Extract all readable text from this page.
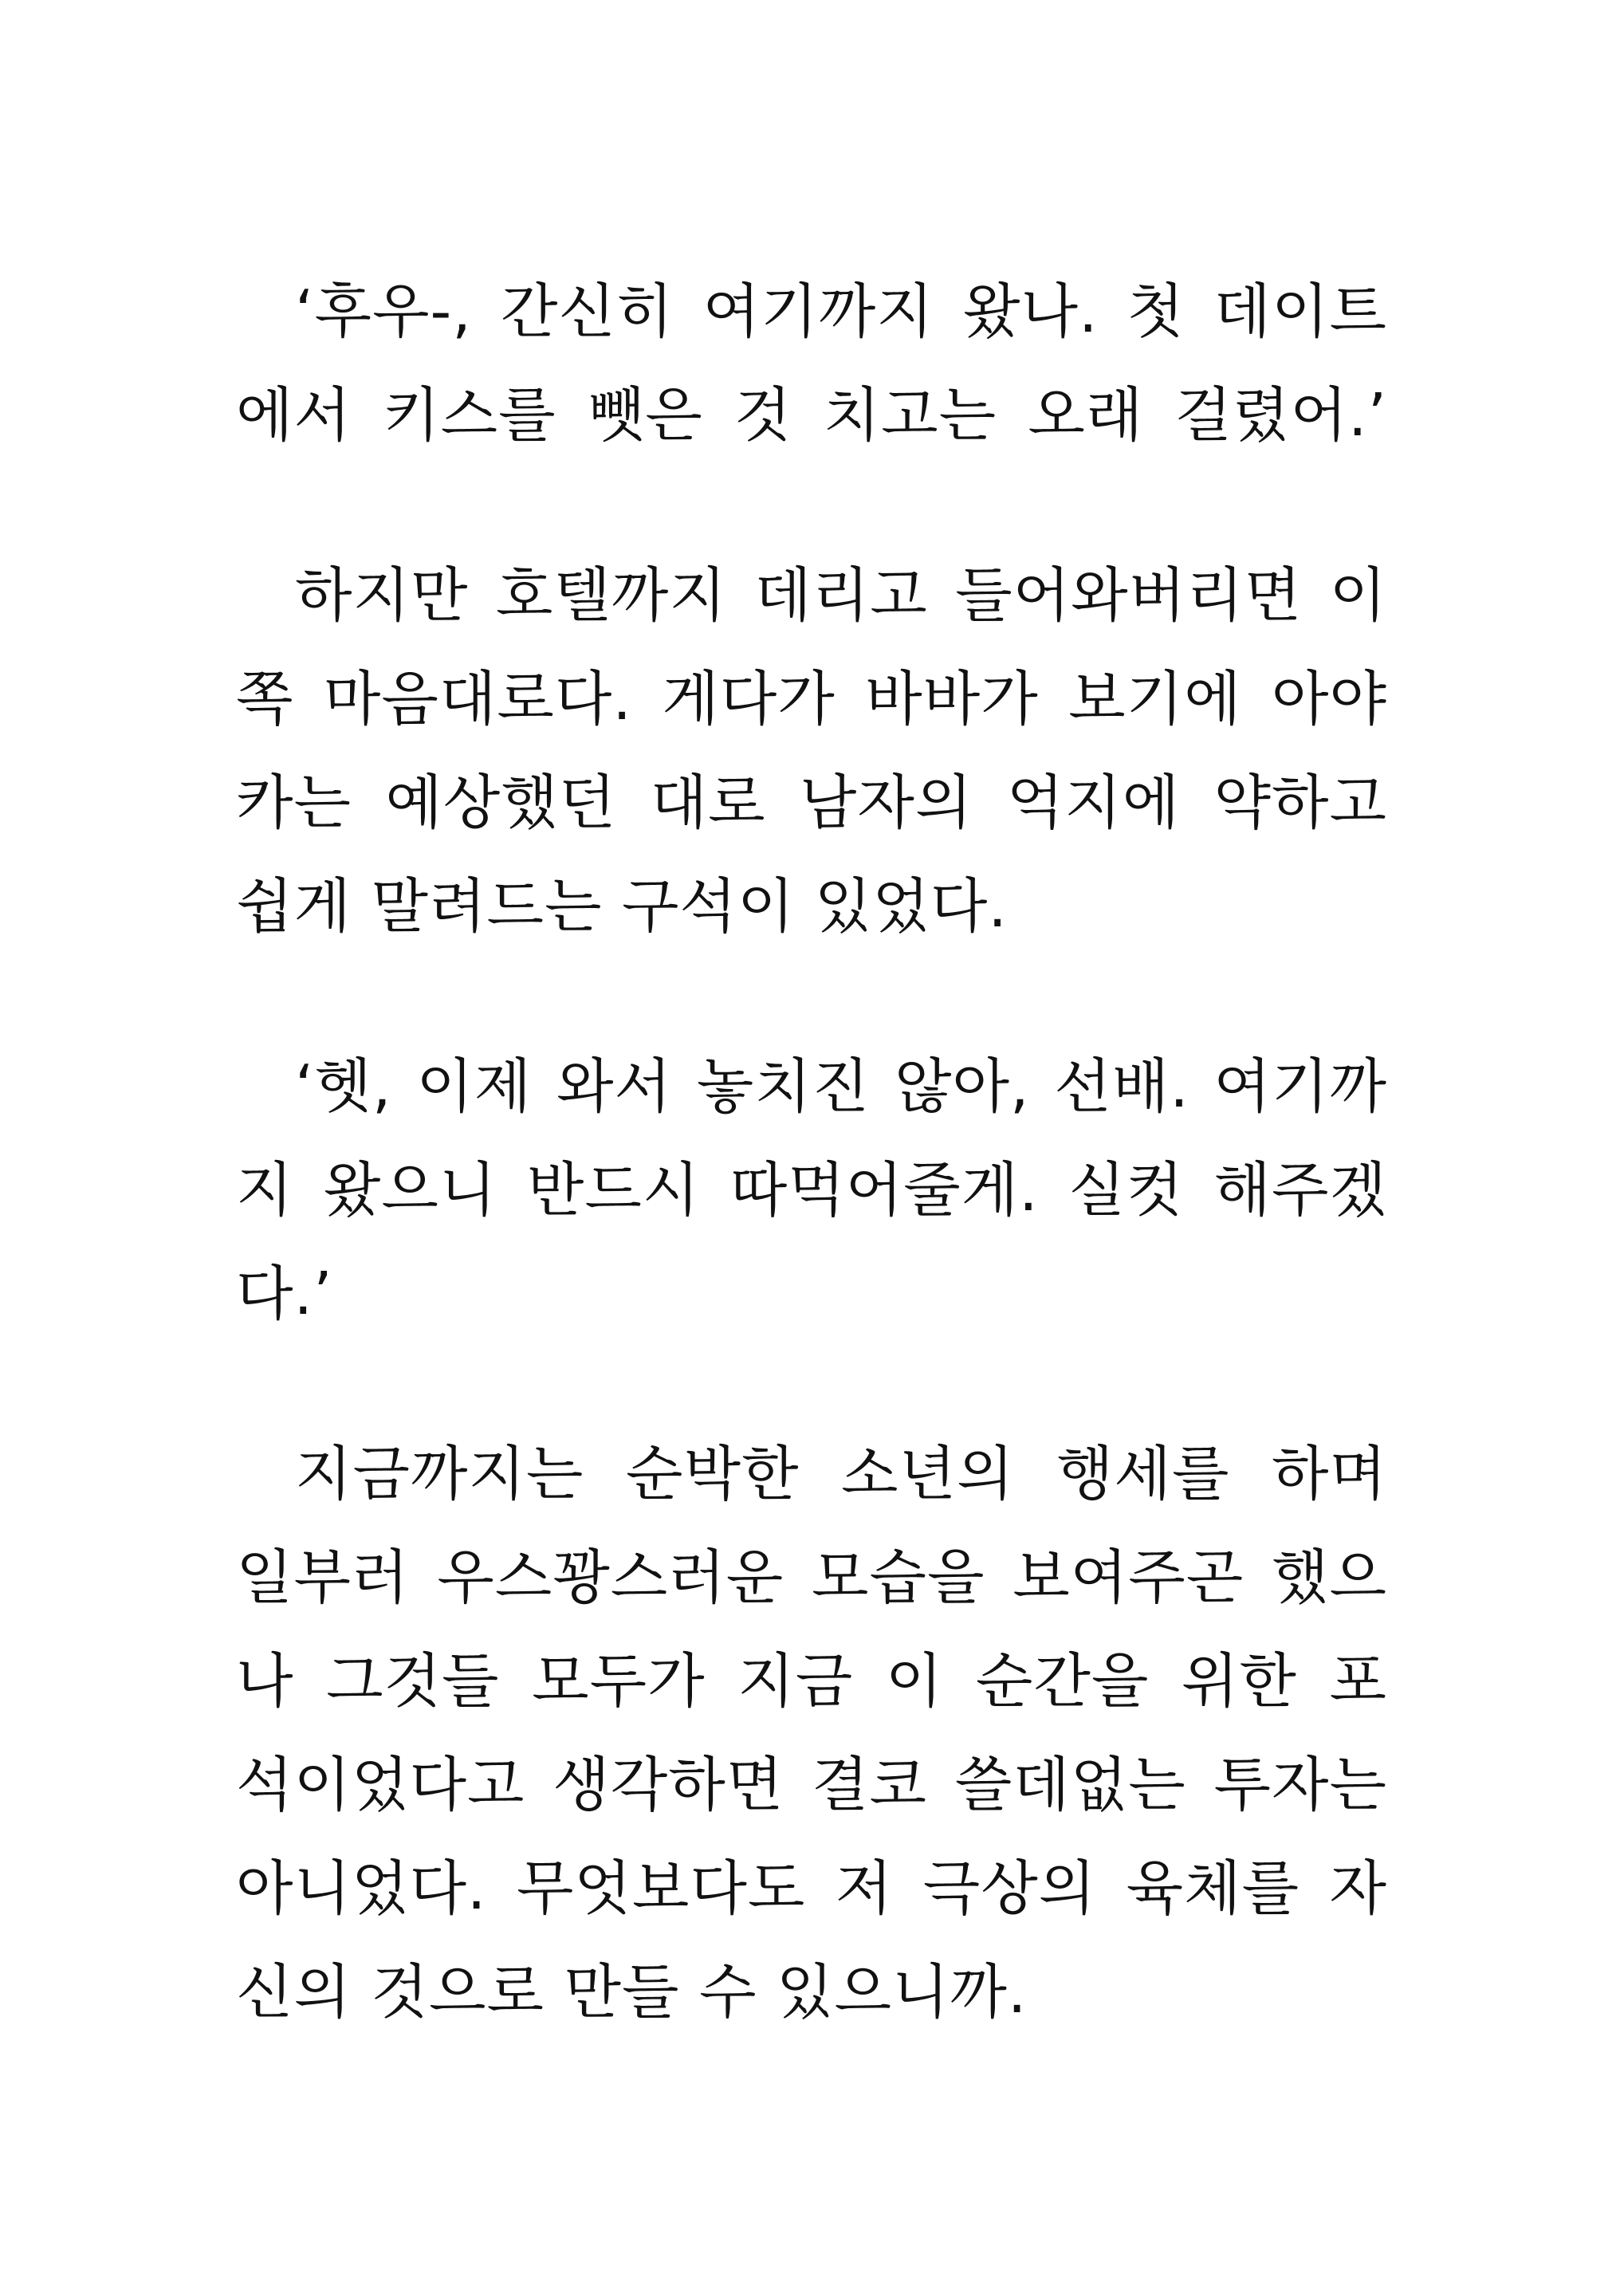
‘후우-, 간신히 여기까지 왔나. 첫 데이트
에서 키스를 뺏은 것 치고는 오래 걸렸어.’
하지만 호텔까지 데리고 들어와버리면 이
쪽 마음대로다. 게다가 바바가 보기에 아야
카는 예상했던 대로 남자의 억지에 약하고
쉽게 말려드는 구석이 있었다.
‘헷, 이제 와서 놓치진 않아, 선배. 여기까
지 왔으니 반드시 따먹어줄게. 실컷 해주겠
다.’
지금까지는 순박한 소년의 행세를 하며
일부러 우스꽝스러운 모습을 보여주곤 했으
나 그것들 모두가 지금 이 순간을 위한 포
석이었다고 생각하면 결코 쓸데없는 투자는
아니었다. 무엇보다도 저 극상의 육체를 자
신의 것으로 만들 수 있으니까.
